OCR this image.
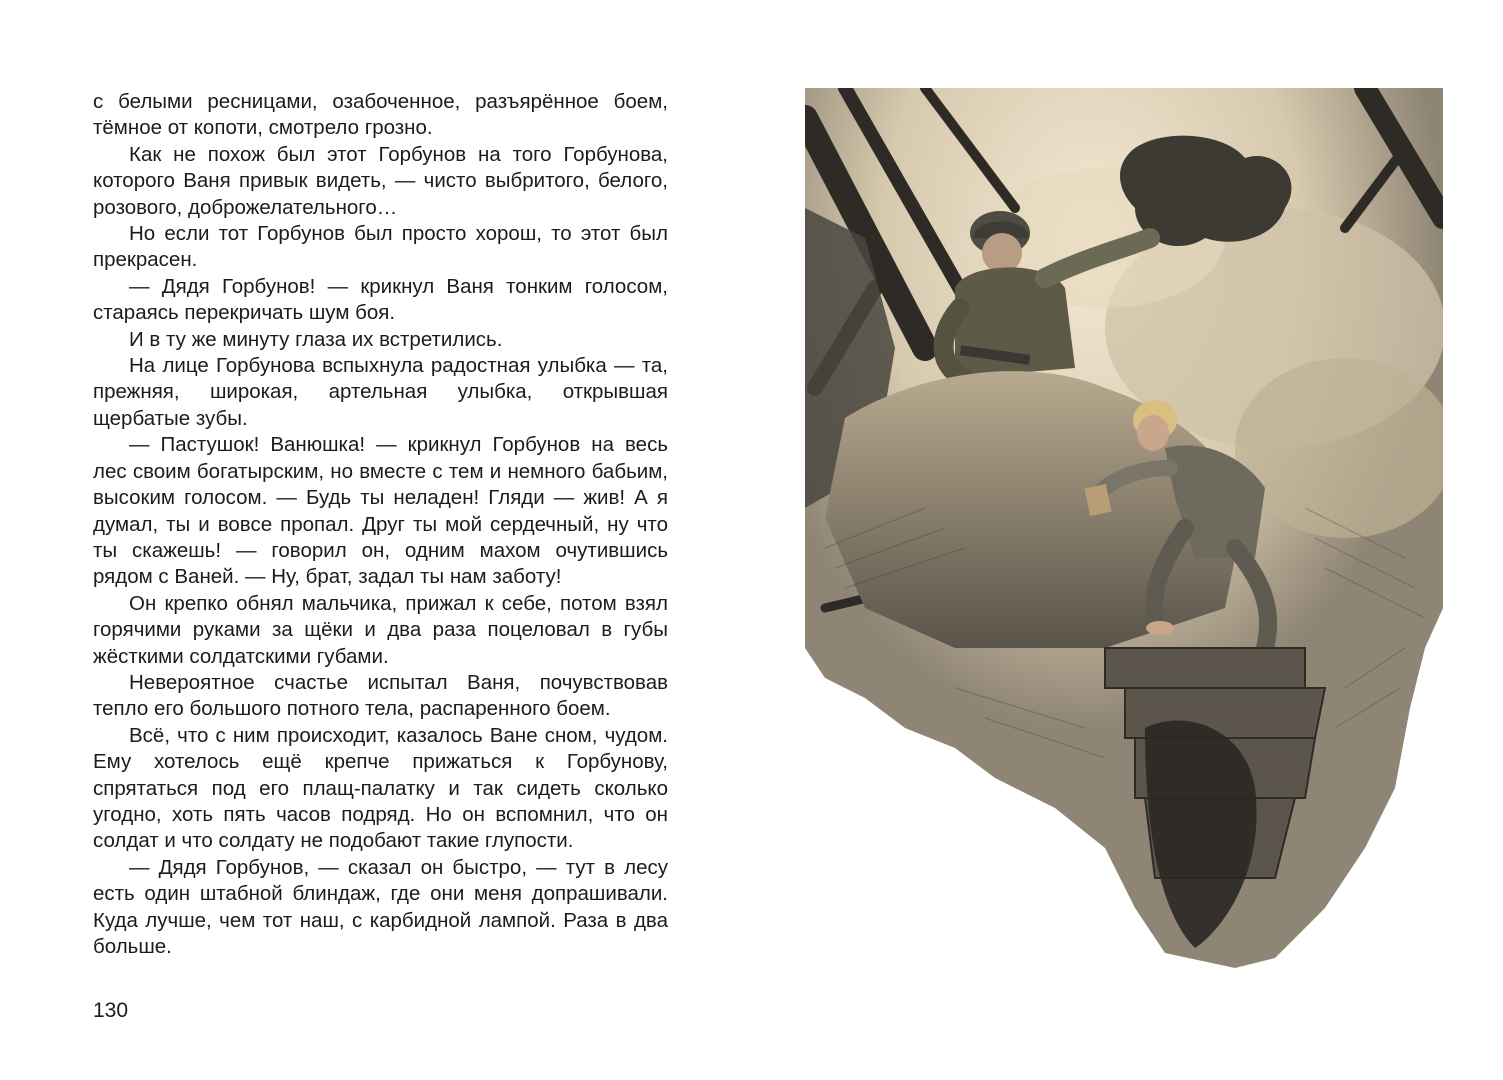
с белыми ресницами, озабоченное, разъярённое боем, тёмное от копоти, смотрело грозно.

Как не похож был этот Горбунов на того Горбунова, которого Ваня привык видеть, — чисто выбритого, белого, розового, доброжелательного…

Но если тот Горбунов был просто хорош, то этот был прекрасен.

— Дядя Горбунов! — крикнул Ваня тонким голосом, стараясь перекричать шум боя.

И в ту же минуту глаза их встретились.

На лице Горбунова вспыхнула радостная улыбка — та, прежняя, широкая, артельная улыбка, открывшая щербатые зубы.

— Пастушок! Ванюшка! — крикнул Горбунов на весь лес своим богатырским, но вместе с тем и немного бабьим, высоким голосом. — Будь ты неладен! Гляди — жив! А я думал, ты и вовсе пропал. Друг ты мой сердечный, ну что ты скажешь! — говорил он, одним махом очутившись рядом с Ваней. — Ну, брат, задал ты нам заботу!

Он крепко обнял мальчика, прижал к себе, потом взял горячими руками за щёки и два раза поцеловал в губы жёсткими солдатскими губами.

Невероятное счастье испытал Ваня, почувствовав тепло его большого потного тела, распаренного боем.

Всё, что с ним происходит, казалось Ване сном, чудом. Ему хотелось ещё крепче прижаться к Горбунову, спрятаться под его плащ-палатку и так сидеть сколько угодно, хоть пять часов подряд. Но он вспомнил, что он солдат и что солдату не подобают такие глупости.

— Дядя Горбунов, — сказал он быстро, — тут в лесу есть один штабной блиндаж, где они меня допрашивали. Куда лучше, чем тот наш, с карбидной лампой. Раза в два больше.

130
